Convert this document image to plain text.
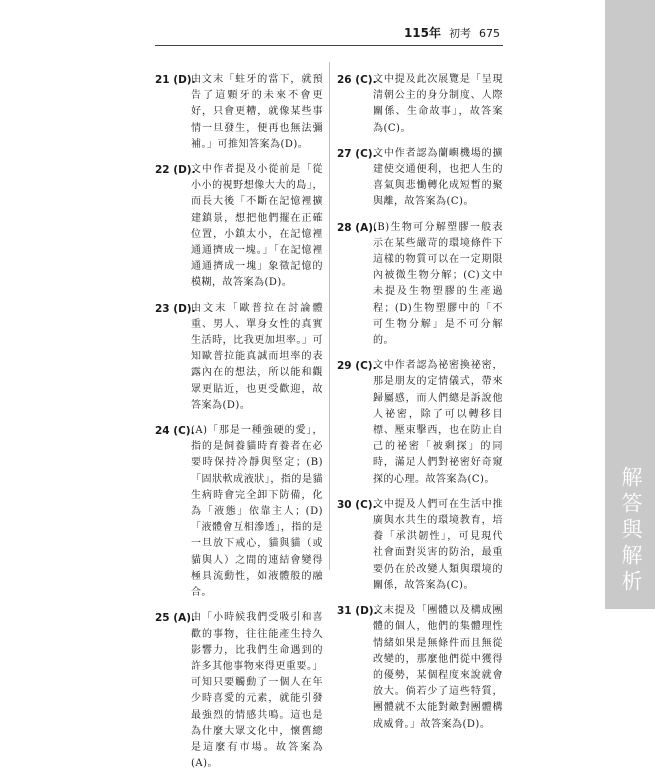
115年 初考 675
21 (D).
由文末「蛀牙的當下，就預告了這顆牙的未來不會更好，只會更糟，就像某些事情一旦發生，便再也無法彌補。」可推知答案為(D)。
22 (D).
文中作者提及小從前是「從小小的視野想像大大的島」，而長大後「不斷在記憶裡擴建鎮景，想把他們擺在正確位置，小鎮太小，在記憶裡通通擠成一塊。」「在記憶裡通通擠成一塊」象徵記憶的模糊，故答案為(D)。
23 (D).
由文末「歐普拉在討論體重、男人、單身女性的真實生活時，比我更加坦率。」可知歐普拉能真誠而坦率的表露內在的想法，所以能和觀眾更貼近，也更受歡迎，故答案為(D)。
24 (C).
(A)「那是一種強硬的愛」，指的是飼養貓時育養者在必要時保持冷靜與堅定；(B)「固狀軟成液狀」，指的是貓生病時會完全卸下防備，化為「液態」依靠主人；(D)「液體會互相滲透」，指的是一旦放下戒心，貓與貓（或貓與人）之間的連結會變得極具流動性，如液體般的融合。
25 (A).
由「小時候我們受吸引和喜歡的事物，往往能產生持久影響力，比我們生命遇到的許多其他事物來得更重要。」可知只要觸動了一個人在年少時喜愛的元素，就能引發最強烈的情感共鳴。這也是為什麼大眾文化中，懷舊總是這麼有市場。故答案為(A)。
26 (C).
文中提及此次展覽是「呈現清朝公主的身分制度、人際關係、生命故事」，故答案為(C)。
27 (C).
文中作者認為蘭嶼機場的擴建使交通便利，也把人生的喜氣與悲慟轉化成短暫的聚與離，故答案為(C)。
28 (A).
(B)生物可分解塑膠一般表示在某些嚴苛的環境條件下這樣的物質可以在一定期限內被微生物分解；(C)文中未提及生物塑膠的生產過程；(D)生物塑膠中的「不可生物分解」是不可分解的。
29 (C).
文中作者認為祕密換祕密，那是朋友的定情儀式，帶來歸屬感，而人們總是訴說他人祕密，除了可以轉移目標、壓束擊西，也在防止自己的祕密「被剩探」的同時，滿足人們對祕密好奇窺探的心理。故答案為(C)。
30 (C).
文中提及人們可在生活中推廣與水共生的環境教育，培養「承洪韌性」，可見現代社會面對災害的防治，最重要仍在於改變人類與環境的關係，故答案為(C)。
31 (D).
文末提及「團體以及構成團體的個人，他們的集體理性情緒如果是無條件而且無從改變的，那麼他們從中獲得的優勢，某個程度來說就會放大。倘若少了這些特質，團體就不太能對敵對團體構成威脅。」故答案為(D)。
解答與解析
